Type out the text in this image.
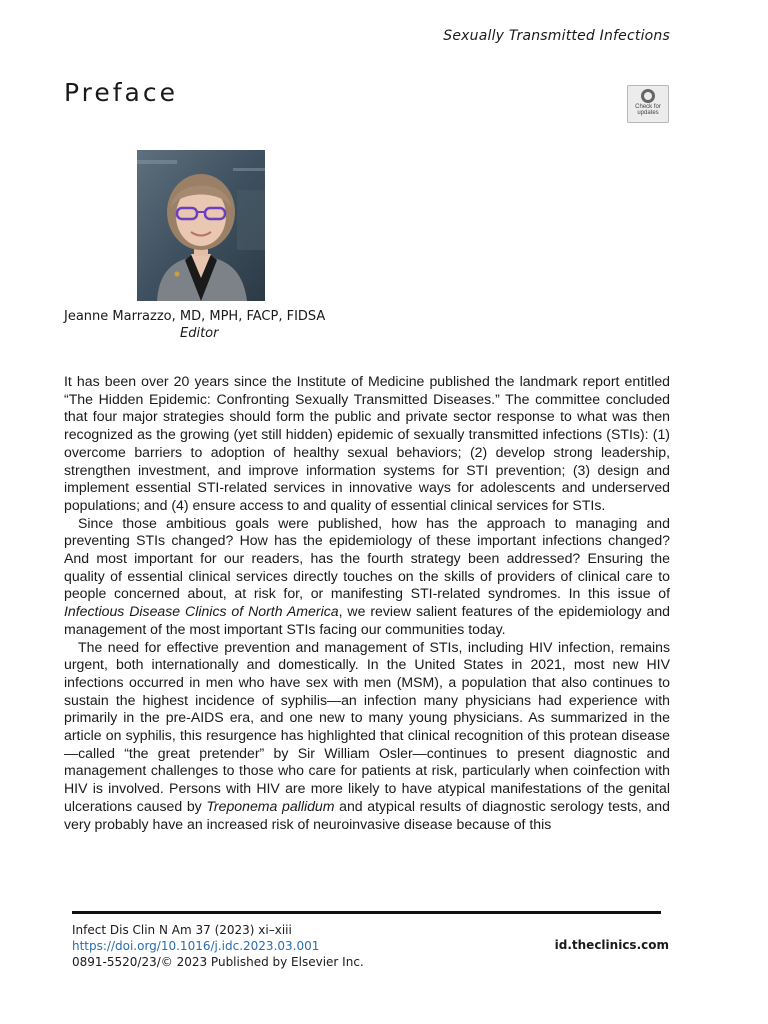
Sexually Transmitted Infections
Preface	Check for
updates
Jeanne Marrazzo, MD, MPH, FACP, FIDSA
Editor

It has been over 20 years since the Institute of Medicine published the landmark report entitled “The Hidden Epidemic: Confronting Sexually Transmitted Diseases.” The committee concluded that four major strategies should form the public and private sector response to what was then recognized as the growing (yet still hidden) epidemic of sexually transmitted infections (STIs): (1) overcome barriers to adoption of healthy sexual behaviors; (2) develop strong leadership, strengthen investment, and improve information systems for STI prevention; (3) design and implement essential STI-related services in innovative ways for adolescents and underserved populations; and (4) ensure access to and quality of essential clinical services for STIs.

Since those ambitious goals were published, how has the approach to managing and preventing STIs changed? How has the epidemiology of these important infections changed? And most important for our readers, has the fourth strategy been addressed? Ensuring the quality of essential clinical services directly touches on the skills of providers of clinical care to people concerned about, at risk for, or manifesting STI-related syndromes. In this issue of Infectious Disease Clinics of North America, we review salient features of the epidemiology and management of the most important STIs facing our communities today.

The need for effective prevention and management of STIs, including HIV infection, remains urgent, both internationally and domestically. In the United States in 2021, most new HIV infections occurred in men who have sex with men (MSM), a population that also continues to sustain the highest incidence of syphilis—an infection many physicians had experience with primarily in the pre-AIDS era, and one new to many young physicians. As summarized in the article on syphilis, this resurgence has highlighted that clinical recognition of this protean disease—called “the great pretender” by Sir William Osler—continues to present diagnostic and management challenges to those who care for patients at risk, particularly when coinfection with HIV is involved. Persons with HIV are more likely to have atypical manifestations of the genital ulcerations caused by Treponema pallidum and atypical results of diagnostic serology tests, and very probably have an increased risk of neuroinvasive disease because of this

Infect Dis Clin N Am 37 (2023) xi–xiii
https://doi.org/10.1016/j.idc.2023.03.001
0891-5520/23/© 2023 Published by Elsevier Inc.
id.theclinics.com
